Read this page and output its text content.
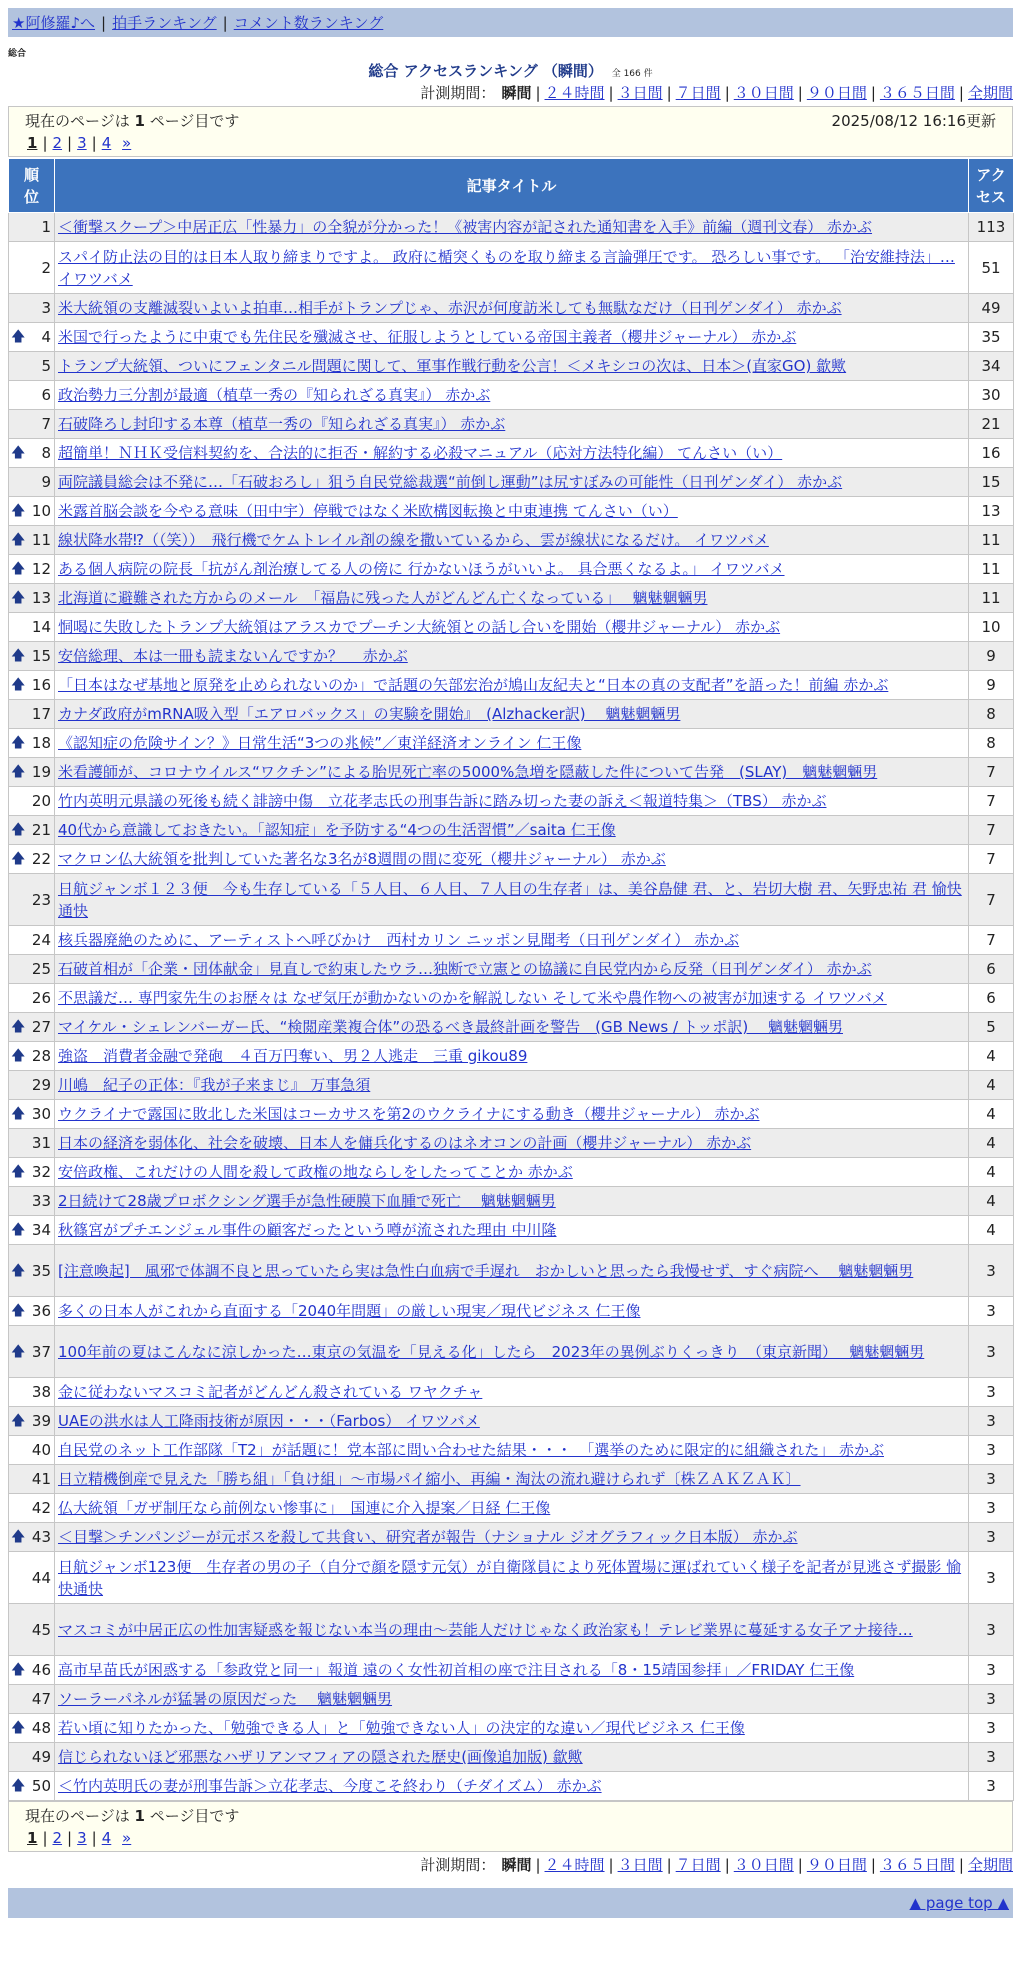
★阿修羅♪へ | 拍手ランキング | コメント数ランキング
総合
総合 アクセスランキング （瞬間） 全 166 件
計測期間： 瞬間 | ２４時間 | ３日間 | ７日間 | ３０日間 | ９０日間 | ３６５日間 | 全期間
現在のページは 1 ページ目です	2025/08/12 16:16更新
1 | 2 | 3 | 4 »
順位	記事タイトル	アクセス
1	＜衝撃スクープ＞中居正広「性暴力」の全貌が分かった！《被害内容が記された通知書を入手》前編（週刊文春） 赤かぶ	113
2	スパイ防止法の目的は日本人取り締まりですよ。 政府に楯突くものを取り締まる言論弾圧です。 恐ろしい事です。 「治安維持法」… イワツバメ	51
3	米大統領の支離滅裂いよいよ拍車…相手がトランプじゃ、赤沢が何度訪米しても無駄なだけ（日刊ゲンダイ） 赤かぶ	49

🡅 4	米国で行ったように中東でも先住民を殲滅させ、征服しようとしている帝国主義者（櫻井ジャーナル） 赤かぶ	35
5	トランプ大統領、ついにフェンタニル問題に関して、軍事作戦行動を公言！＜メキシコの次は、日本＞(直家GO) 歙歟	34
6	政治勢力三分割が最適（植草一秀の『知られざる真実』） 赤かぶ	30
7	石破降ろし封印する本尊（植草一秀の『知られざる真実』） 赤かぶ	21

🡅 8	超簡単！ＮＨＫ受信料契約を、合法的に拒否・解約する必殺マニュアル（応対方法特化編） てんさい（い）	16
9	両院議員総会は不発に…「石破おろし」狙う自民党総裁選“前倒し運動”は尻すぼみの可能性（日刊ゲンダイ） 赤かぶ	15

🡅 10	米露首脳会談を今やる意味（田中宇）停戦ではなく米欧構図転換と中東連携 てんさい（い）	13

🡅 11	線状降水帯⁉（（笑））　飛行機でケムトレイル剤の線を撒いているから、雲が線状になるだけ。 イワツバメ	11

🡅 12	ある個人病院の院長「抗がん剤治療してる人の傍に 行かないほうがいいよ。 具合悪くなるよ。」 イワツバメ	11

🡅 13	北海道に避難された方からのメール　「福島に残った人がどんどん亡くなっている」　 魑魅魍魎男	11
14	恫喝に失敗したトランプ大統領はアラスカでプーチン大統領との話し合いを開始（櫻井ジャーナル） 赤かぶ	10

🡅 15	安倍総理、本は一冊も読まないんですか？　 赤かぶ	9

🡅 16	「日本はなぜ基地と原発を止められないのか」で話題の矢部宏治が鳩山友紀夫と“日本の真の支配者”を語った！前編 赤かぶ	9
17	カナダ政府がmRNA吸入型「エアロバックス」の実験を開始』　(Alzhacker訳)　 魑魅魍魎男	8

🡅 18	《認知症の危険サイン？》日常生活“3つの兆候”／東洋経済オンライン 仁王像	8

🡅 19	米看護師が、コロナウイルス“ワクチン”による胎児死亡率の5000%急増を隠蔽した件について告発　(SLAY)　魑魅魍魎男	7
20	竹内英明元県議の死後も続く誹謗中傷　立花孝志氏の刑事告訴に踏み切った妻の訴え＜報道特集＞（TBS） 赤かぶ	7

🡅 21	40代から意識しておきたい。「認知症」を予防する“4つの生活習慣”／saita 仁王像	7

🡅 22	マクロン仏大統領を批判していた著名な3名が8週間の間に変死（櫻井ジャーナル） 赤かぶ	7
23	日航ジャンボ１２３便　今も生存している「５人目、６人目、７人目の生存者」は、美谷島健 君、と、岩切大樹 君、矢野忠祐 君 愉快通快	7
24	核兵器廃絶のために、アーティストへ呼びかけ　西村カリン ニッポン見聞考（日刊ゲンダイ） 赤かぶ	7
25	石破首相が「企業・団体献金」見直しで約束したウラ…独断で立憲との協議に自民党内から反発（日刊ゲンダイ） 赤かぶ	6
26	不思議だ… 専門家先生のお歴々は なぜ気圧が動かないのかを解説しない そして米や農作物への被害が加速する イワツバメ	6

🡅 27	マイケル・シェレンバーガー氏、“検閲産業複合体”の恐るべき最終計画を警告　(GB News / トッポ訳)　 魑魅魍魎男	5

🡅 28	強盗　消費者金融で発砲　４百万円奪い、男２人逃走　三重 gikou89	4
29	川嶋　紀子の正体：『我が子来まじ』 万事急須	4

🡅 30	ウクライナで露国に敗北した米国はコーカサスを第2のウクライナにする動き（櫻井ジャーナル） 赤かぶ	4
31	日本の経済を弱体化、社会を破壊、日本人を傭兵化するのはネオコンの計画（櫻井ジャーナル） 赤かぶ	4

🡅 32	安倍政権、これだけの人間を殺して政権の地ならしをしたってことか 赤かぶ	4
33	2日続けて28歳プロボクシング選手が急性硬膜下血腫で死亡　 魑魅魍魎男	4

🡅 34	秋篠宮がプチエンジェル事件の顧客だったという噂が流された理由 中川隆	4

🡅 35	[注意喚起]　風邪で体調不良と思っていたら実は急性白血病で手遅れ　おかしいと思ったら我慢せず、すぐ病院へ　 魑魅魍魎男	3

🡅 36	多くの日本人がこれから直面する「2040年問題」の厳しい現実／現代ビジネス 仁王像	3

🡅 37	100年前の夏はこんなに涼しかった…東京の気温を「見える化」したら　2023年の異例ぶりくっきり　（東京新聞）　 魑魅魍魎男	3
38	金に従わないマスコミ記者がどんどん殺されている ワヤクチャ	3

🡅 39	UAEの洪水は人工降雨技術が原因・・・（Farbos） イワツバメ	3
40	自民党のネット工作部隊「T2」が話題に！党本部に問い合わせた結果・・・　「選挙のために限定的に組織された」 赤かぶ	3
41	日立精機倒産で見えた「勝ち組」「負け組」〜市場パイ縮小、再編・淘汰の流れ避けられず〔株ＺＡＫＺＡＫ〕	3
42	仏大統領「ガザ制圧なら前例ない惨事に」　国連に介入提案／日経 仁王像	3

🡅 43	＜目撃＞チンパンジーが元ボスを殺して共食い、研究者が報告（ナショナル ジオグラフィック日本版） 赤かぶ	3
44	日航ジャンボ123便　生存者の男の子（自分で顔を隠す元気）が自衛隊員により死体置場に運ばれていく様子を記者が見逃さず撮影 愉快通快	3
45	マスコミが中居正広の性加害疑惑を報じない本当の理由〜芸能人だけじゃなく政治家も！テレビ業界に蔓延する女子アナ接待…	3

🡅 46	高市早苗氏が困惑する「参政党と同一」報道 遠のく女性初首相の座で注目される「8・15靖国参拝」／FRIDAY 仁王像	3
47	ソーラーパネルが猛暑の原因だった　 魑魅魍魎男	3

🡅 48	若い頃に知りたかった、「勉強できる人」と「勉強できない人」の決定的な違い／現代ビジネス 仁王像	3
49	信じられないほど邪悪なハザリアンマフィアの隠された歴史(画像追加版) 歙歟	3

🡅 50	＜竹内英明氏の妻が刑事告訴＞立花孝志、今度こそ終わり（チダイズム） 赤かぶ	3
現在のページは 1 ページ目です
1 | 2 | 3 | 4 »
計測期間： 瞬間 | ２４時間 | ３日間 | ７日間 | ３０日間 | ９０日間 | ３６５日間 | 全期間
▲ page top ▲
